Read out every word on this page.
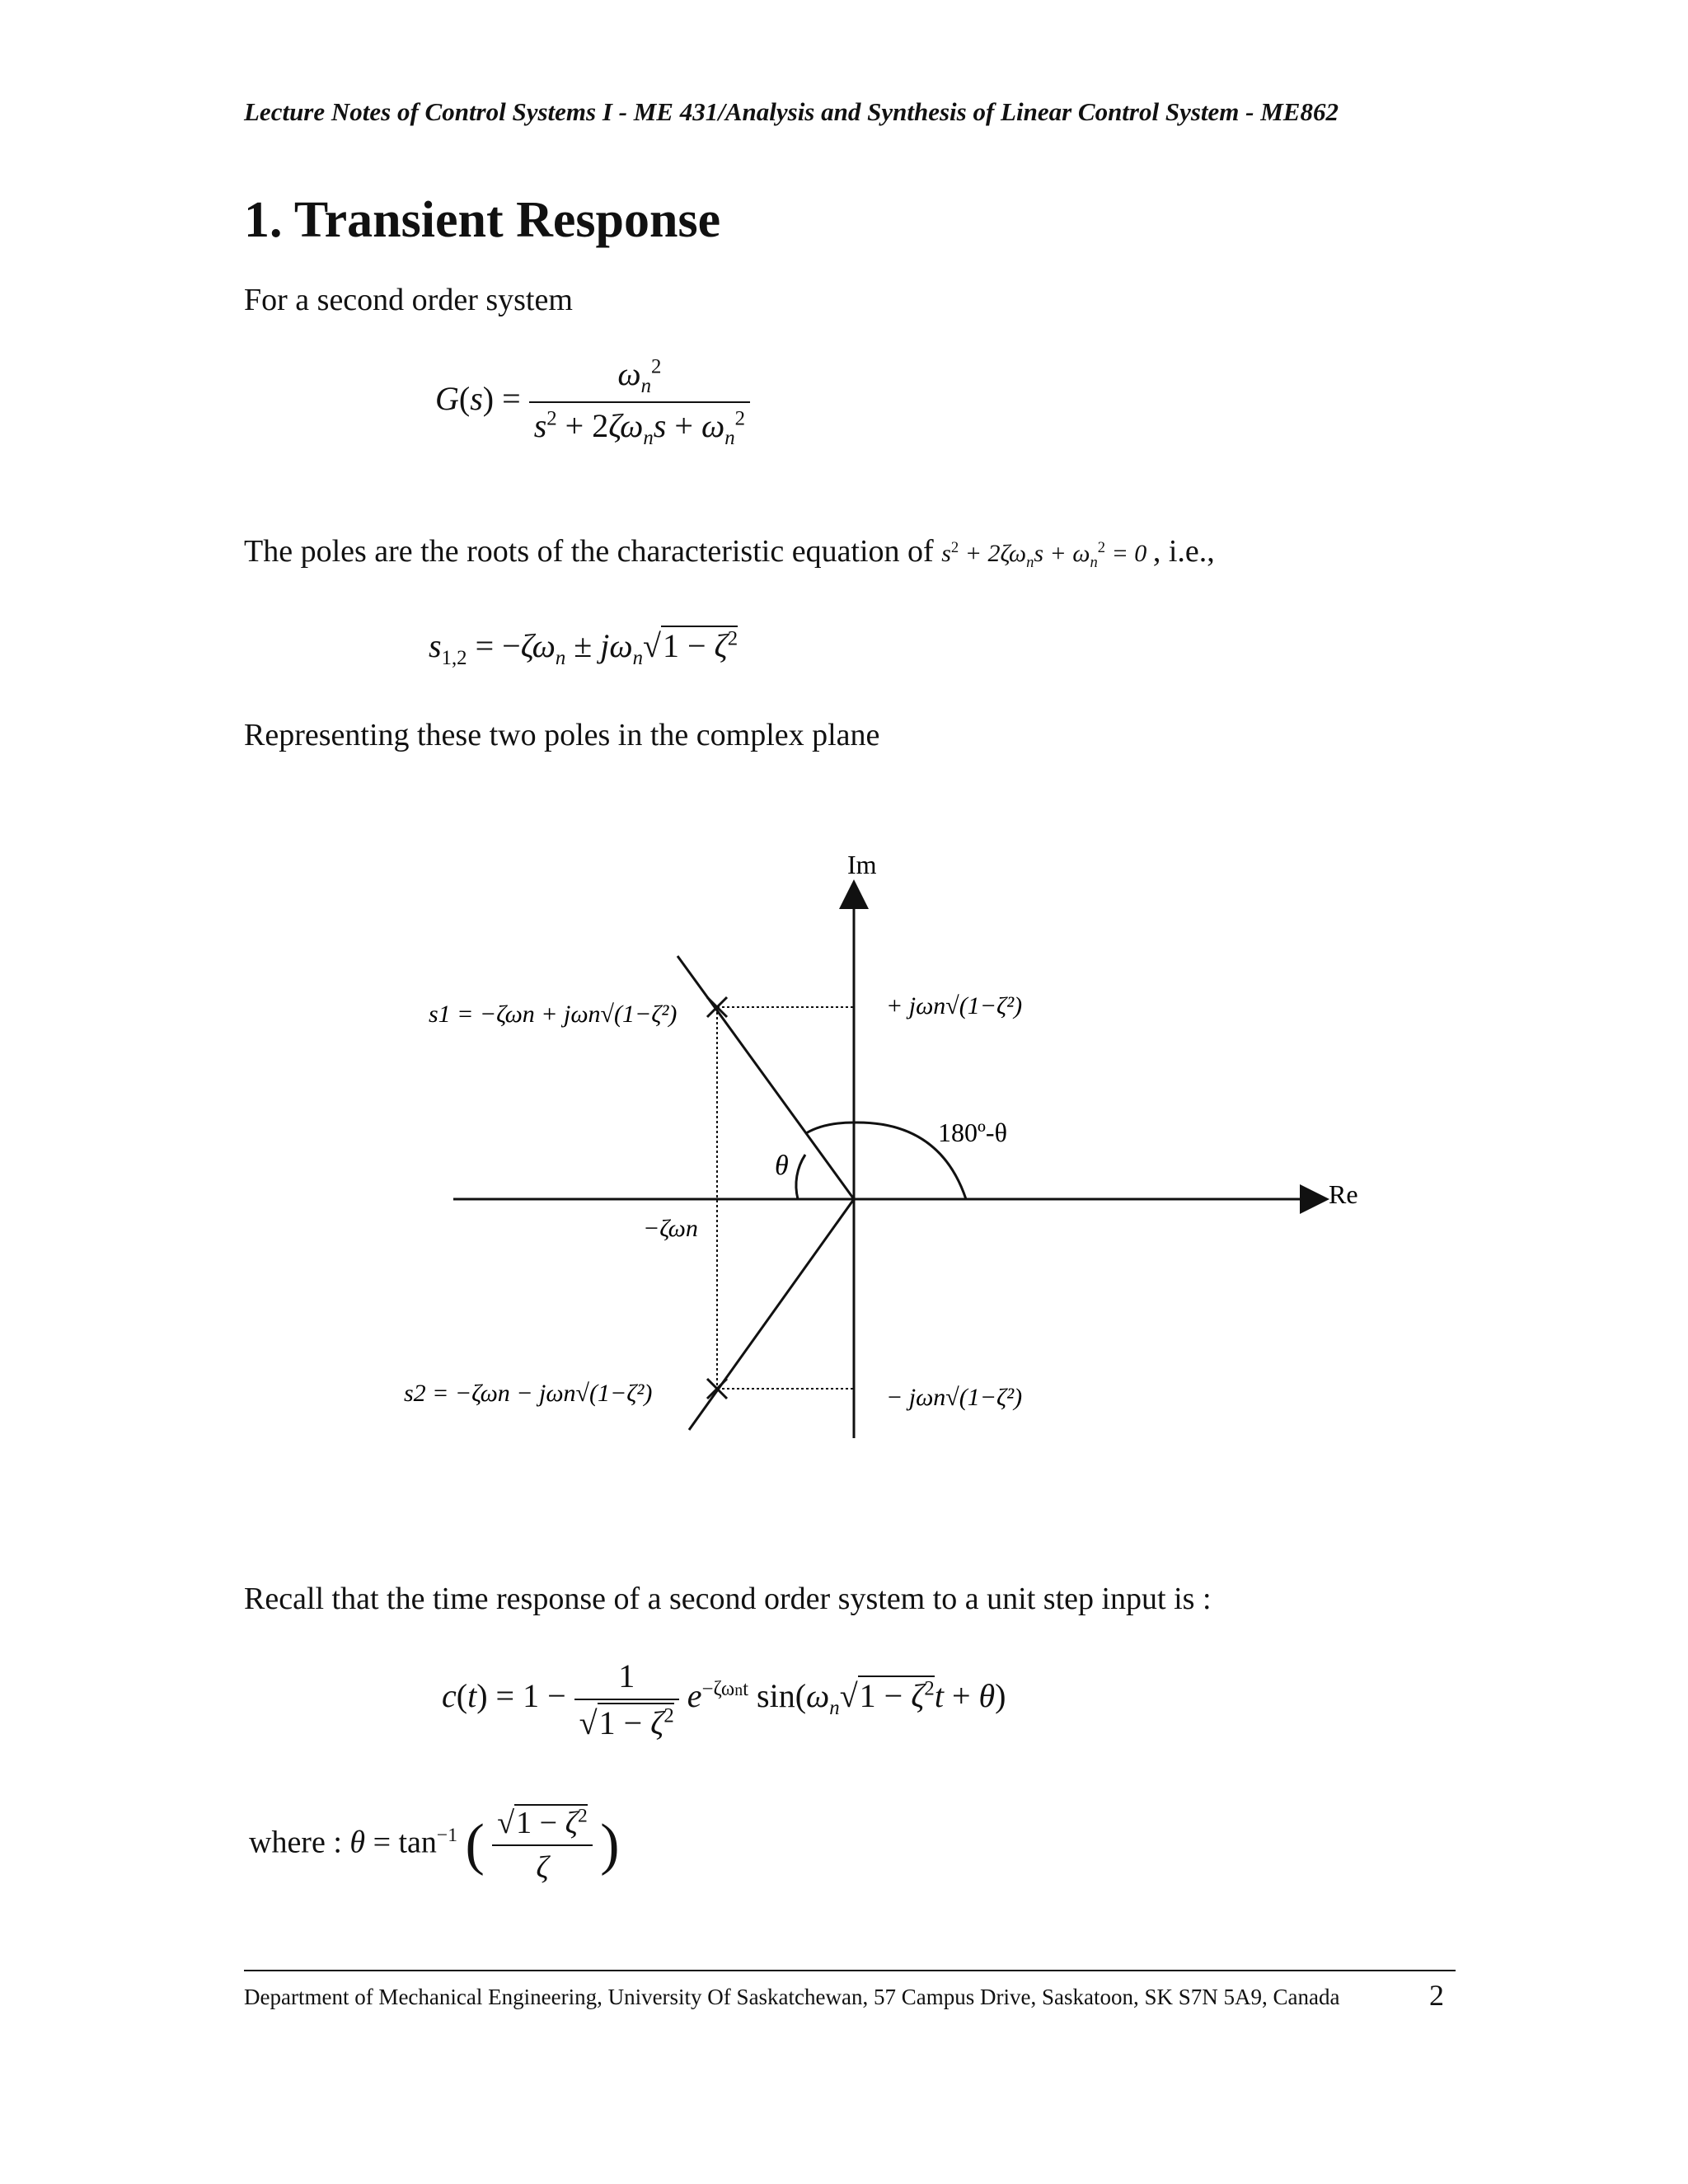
Lecture Notes of Control Systems I - ME 431/Analysis and Synthesis of Linear Control System - ME862
1. Transient Response
For a second order system
$G(s) = \frac{\omega_n^2}{s^2 + 2\zeta\omega_ns + \omega_n^2}$
The poles are the roots of the characteristic equation of $s^2 + 2\zeta\omega_ns + \omega_n^2 = 0$ , i.e.,
$s_{1,2} = -\zeta\omega_n \pm j\omega_n√1 - \zeta^2$
Representing these two poles in the complex plane
Im
Re
θ
180º-θ
s1 = −ζωn + jωn√(1−ζ²)
s2 = −ζωn − jωn√(1−ζ²)
+ jωn√(1−ζ²)
− jωn√(1−ζ²)
−ζωn
Recall that the time response of a second order system to a unit step input is :
$c(t) = 1 - \frac{1}{√1 - \zeta^2} e^{-\zeta\omega nt}$ $\sin(\omega_n√1 - \zeta^2t + \theta)$
where : $\theta = \tan^{-1}$ ( $\frac{√1 - \zeta^2}{\zeta}$ )
Department of Mechanical Engineering, University Of Saskatchewan, 57 Campus Drive, Saskatoon, SK S7N 5A9, Canada	2
